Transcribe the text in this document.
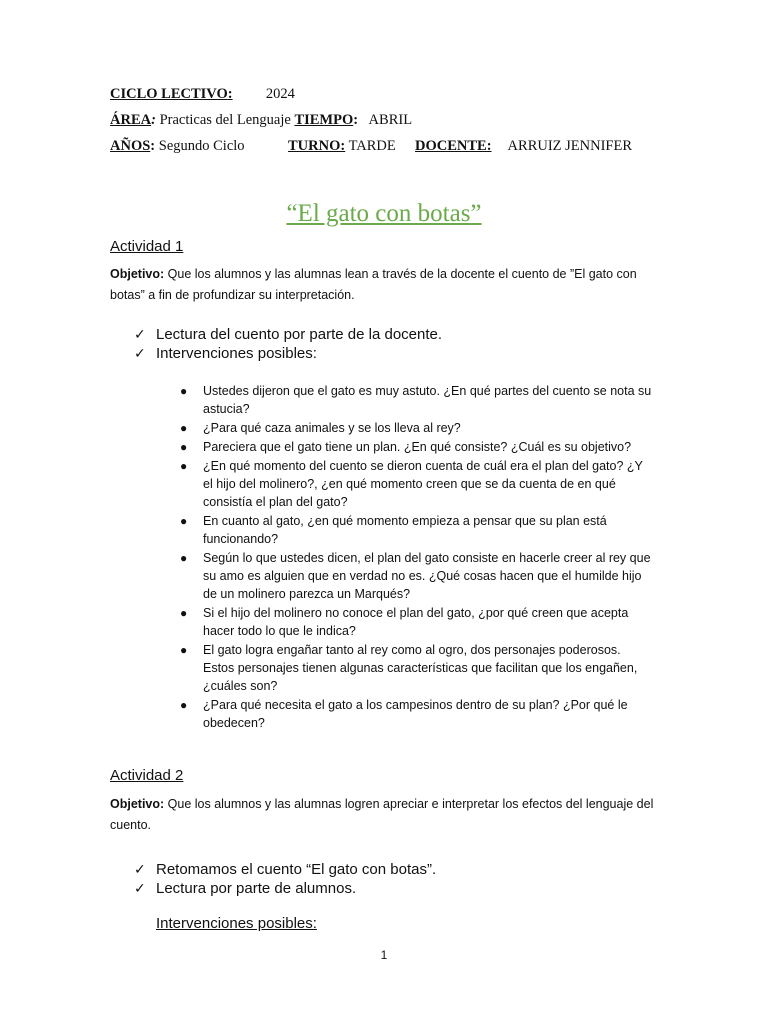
CICLO LECTIVO: 2024
ÁREA: Practicas del Lenguaje TIEMPO: ABRIL
AÑOS: Segundo Ciclo	TURNO: TARDE DOCENTE: ARRUIZ JENNIFER
“El gato con botas”
Actividad 1
Objetivo: Que los alumnos y las alumnas lean a través de la docente el cuento de ”El gato con botas” a fin de profundizar su interpretación.
✓ Lectura del cuento por parte de la docente.
✓ Intervenciones posibles:
● Ustedes dijeron que el gato es muy astuto. ¿En qué partes del cuento se nota su astucia?
● ¿Para qué caza animales y se los lleva al rey?
● Pareciera que el gato tiene un plan. ¿En qué consiste? ¿Cuál es su objetivo?
● ¿En qué momento del cuento se dieron cuenta de cuál era el plan del gato? ¿Y el hijo del molinero?, ¿en qué momento creen que se da cuenta de en qué consistía el plan del gato?
● En cuanto al gato, ¿en qué momento empieza a pensar que su plan está funcionando?
● Según lo que ustedes dicen, el plan del gato consiste en hacerle creer al rey que su amo es alguien que en verdad no es. ¿Qué cosas hacen que el humilde hijo de un molinero parezca un Marqués?
● Si el hijo del molinero no conoce el plan del gato, ¿por qué creen que acepta hacer todo lo que le indica?
● El gato logra engañar tanto al rey como al ogro, dos personajes poderosos. Estos personajes tienen algunas características que facilitan que los engañen, ¿cuáles son?
● ¿Para qué necesita el gato a los campesinos dentro de su plan? ¿Por qué le obedecen?
Actividad 2
Objetivo: Que los alumnos y las alumnas logren apreciar e interpretar los efectos del lenguaje del cuento.
✓ Retomamos el cuento “El gato con botas”.
✓ Lectura por parte de alumnos.
Intervenciones posibles:
1
